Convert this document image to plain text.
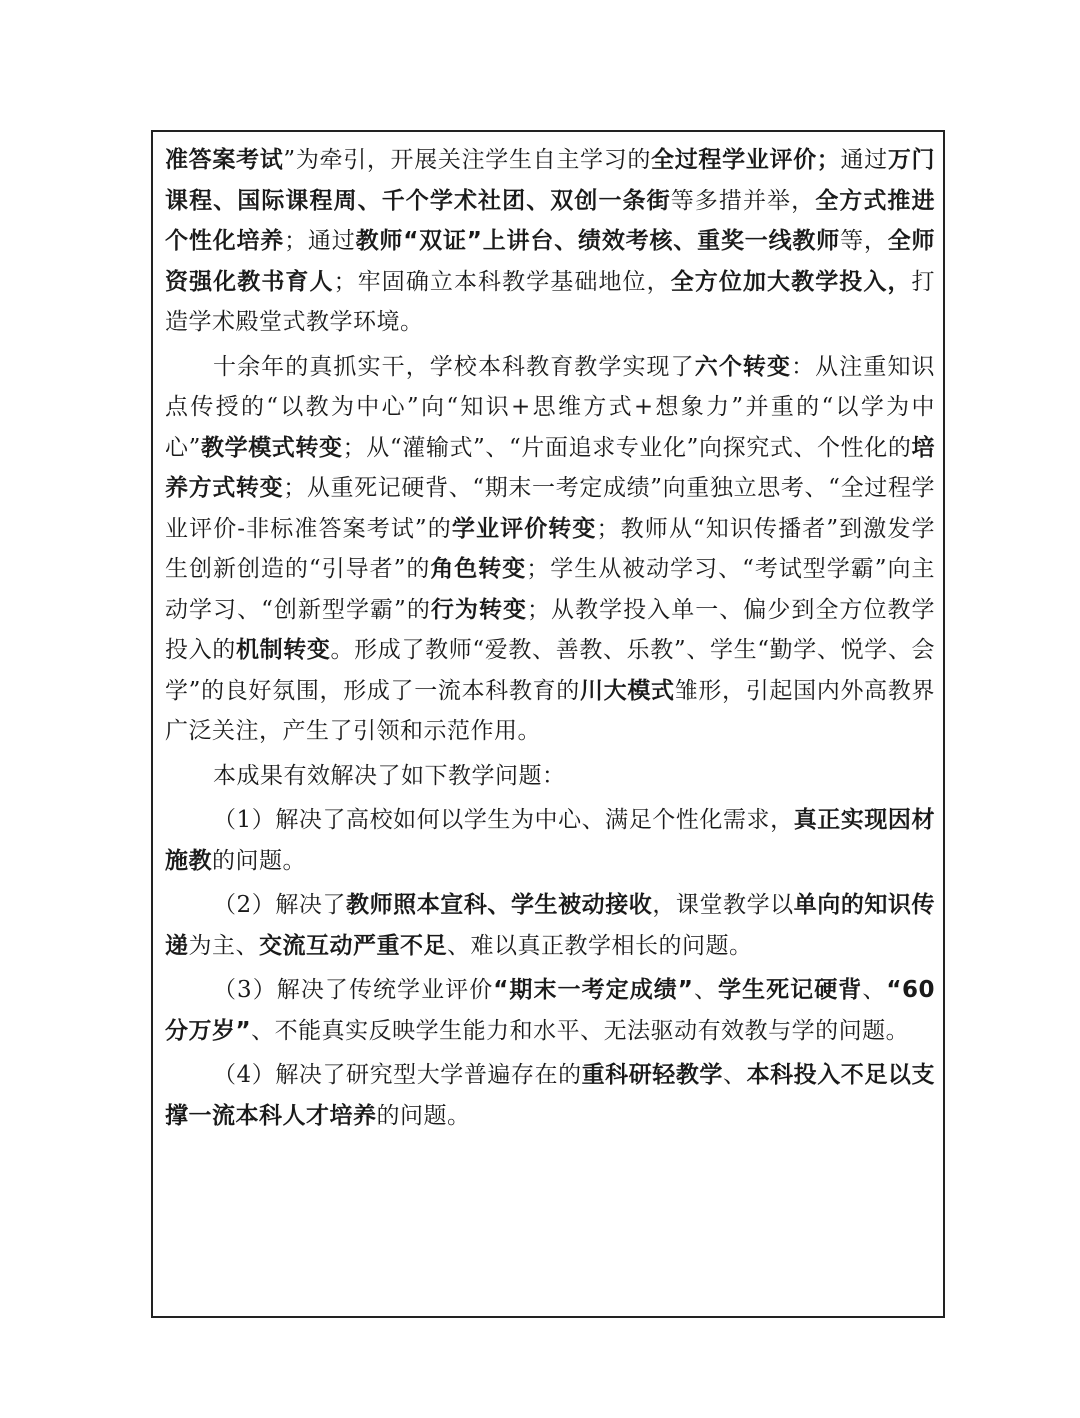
准答案考试”为牵引，开展关注学生自主学习的全过程学业评价；通过万门课程、国际课程周、千个学术社团、双创一条街等多措并举，全方式推进个性化培养；通过教师“双证”上讲台、绩效考核、重奖一线教师等，全师资强化教书育人；牢固确立本科教学基础地位，全方位加大教学投入，打造学术殿堂式教学环境。

十余年的真抓实干，学校本科教育教学实现了六个转变：从注重知识点传授的“以教为中心”向“知识+思维方式+想象力”并重的“以学为中心”教学模式转变；从“灌输式”、“片面追求专业化”向探究式、个性化的培养方式转变；从重死记硬背、“期末一考定成绩”向重独立思考、“全过程学业评价-非标准答案考试”的学业评价转变；教师从“知识传播者”到激发学生创新创造的“引导者”的角色转变；学生从被动学习、“考试型学霸”向主动学习、“创新型学霸”的行为转变；从教学投入单一、偏少到全方位教学投入的机制转变。形成了教师“爱教、善教、乐教”、学生“勤学、悦学、会学”的良好氛围，形成了一流本科教育的川大模式雏形，引起国内外高教界广泛关注，产生了引领和示范作用。

本成果有效解决了如下教学问题：

（1）解决了高校如何以学生为中心、满足个性化需求，真正实现因材施教的问题。

（2）解决了教师照本宣科、学生被动接收，课堂教学以单向的知识传递为主、交流互动严重不足、难以真正教学相长的问题。

（3）解决了传统学业评价“期末一考定成绩”、学生死记硬背、“60分万岁”、不能真实反映学生能力和水平、无法驱动有效教与学的问题。

（4）解决了研究型大学普遍存在的重科研轻教学、本科投入不足以支撑一流本科人才培养的问题。
